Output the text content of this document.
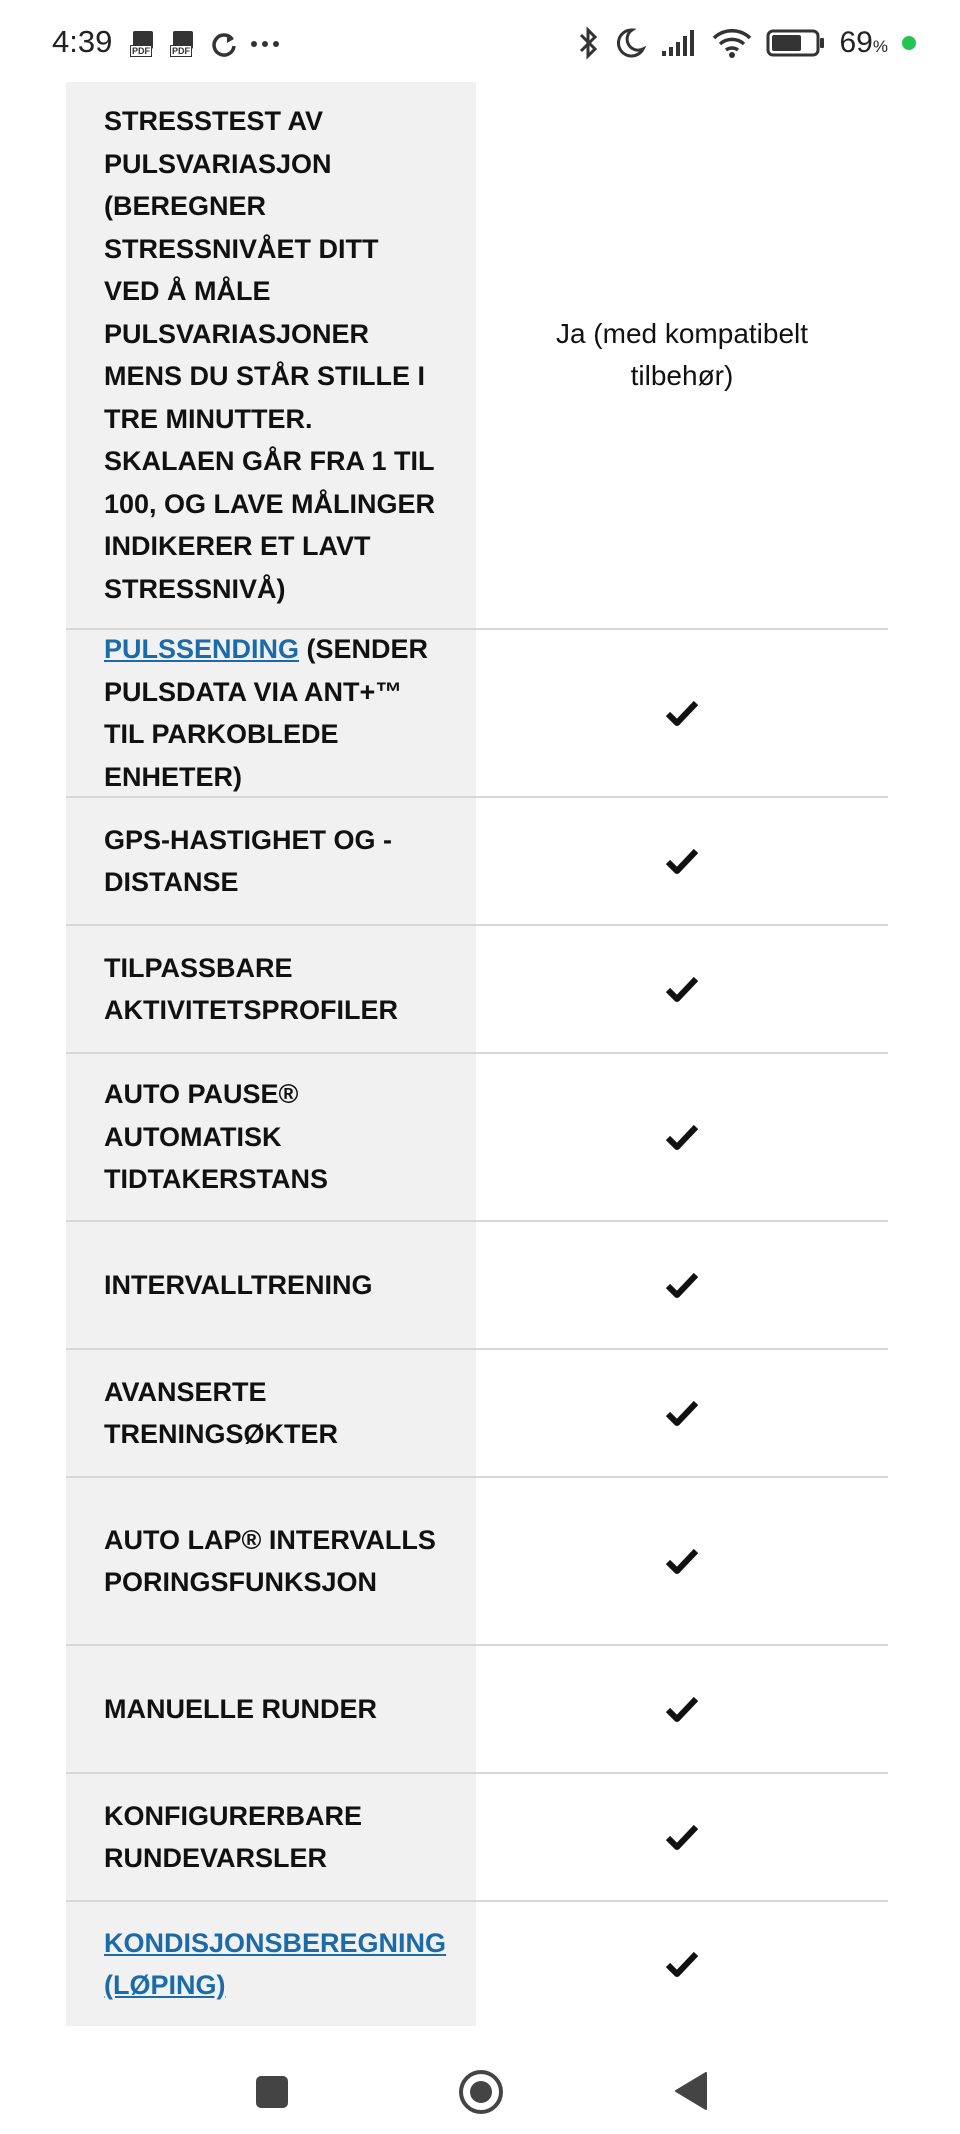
4:39 PDF PDF	69%
STRESSTEST AV PULSVARIASJON (BEREGNER STRESSNIVÅET DITT VED Å MÅLE PULSVARIASJONER MENS DU STÅR STILLE I TRE MINUTTER. SKALAEN GÅR FRA 1 TIL 100, OG LAVE MÅLINGER INDIKERER ET LAVT STRESSNIVÅ)
Ja (med kompatibelt tilbehør)
PULSSENDING (SENDER PULSDATA VIA ANT+™ TIL PARKOBLEDE ENHETER)
GPS-HASTIGHET OG -DISTANSE
TILPASSBARE AKTIVITETSPROFILER
AUTO PAUSE® AUTOMATISK TIDTAKERSTANS
INTERVALLTRENING
AVANSERTE TRENINGSØKTER
AUTO LAP® INTERVALLSPORINGSFUNKSJON
MANUELLE RUNDER
KONFIGURERBARE RUNDEVARSLER
KONDISJONSBEREGNING (LØPING)
